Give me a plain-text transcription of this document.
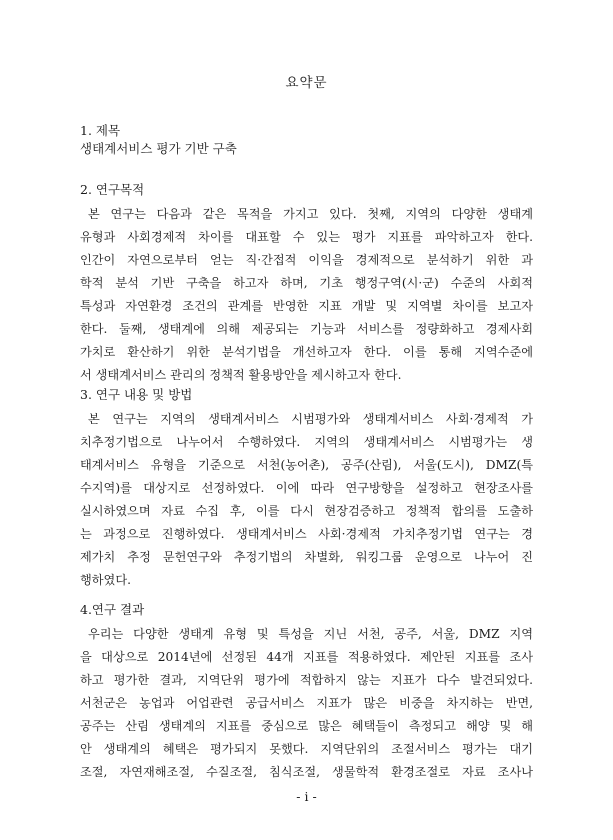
요약문
1. 제목
생태계서비스 평가 기반 구축
2. 연구목적
본 연구는 다음과 같은 목적을 가지고 있다. 첫째, 지역의 다양한 생태계
유형과 사회경제적 차이를 대표할 수 있는 평가 지표를 파악하고자 한다.
인간이 자연으로부터 얻는 직·간접적 이익을 경제적으로 분석하기 위한 과
학적 분석 기반 구축을 하고자 하며, 기초 행정구역(시·군) 수준의 사회적
특성과 자연환경 조건의 관계를 반영한 지표 개발 및 지역별 차이를 보고자
한다. 둘째, 생태계에 의해 제공되는 기능과 서비스를 정량화하고 경제사회
가치로 환산하기 위한 분석기법을 개선하고자 한다. 이를 통해 지역수준에
서 생태계서비스 관리의 정책적 활용방안을 제시하고자 한다.
3. 연구 내용 및 방법
본 연구는 지역의 생태계서비스 시범평가와 생태계서비스 사회·경제적 가
치추정기법으로 나누어서 수행하였다. 지역의 생태계서비스 시범평가는 생
태계서비스 유형을 기준으로 서천(농어촌), 공주(산림), 서울(도시), DMZ(특
수지역)를 대상지로 선정하였다. 이에 따라 연구방향을 설정하고 현장조사를
실시하였으며 자료 수집 후, 이를 다시 현장검증하고 정책적 합의를 도출하
는 과정으로 진행하였다. 생태계서비스 사회·경제적 가치추정기법 연구는 경
제가치 추정 문헌연구와 추정기법의 차별화, 워킹그룹 운영으로 나누어 진
행하였다.
4.연구 결과
- i -
우리는 다양한 생태계 유형 및 특성을 지닌 서천, 공주, 서울, DMZ 지역
을 대상으로 2014년에 선정된 44개 지표를 적용하였다. 제안된 지표를 조사
하고 평가한 결과, 지역단위 평가에 적합하지 않는 지표가 다수 발견되었다.
서천군은 농업과 어업관련 공급서비스 지표가 많은 비중을 차지하는 반면,
공주는 산림 생태계의 지표를 중심으로 많은 혜택들이 측정되고 해양 및 해
안 생태계의 혜택은 평가되지 못했다. 지역단위의 조절서비스 평가는 대기
조절, 자연재해조절, 수질조절, 침식조절, 생물학적 환경조절로 자료 조사나
